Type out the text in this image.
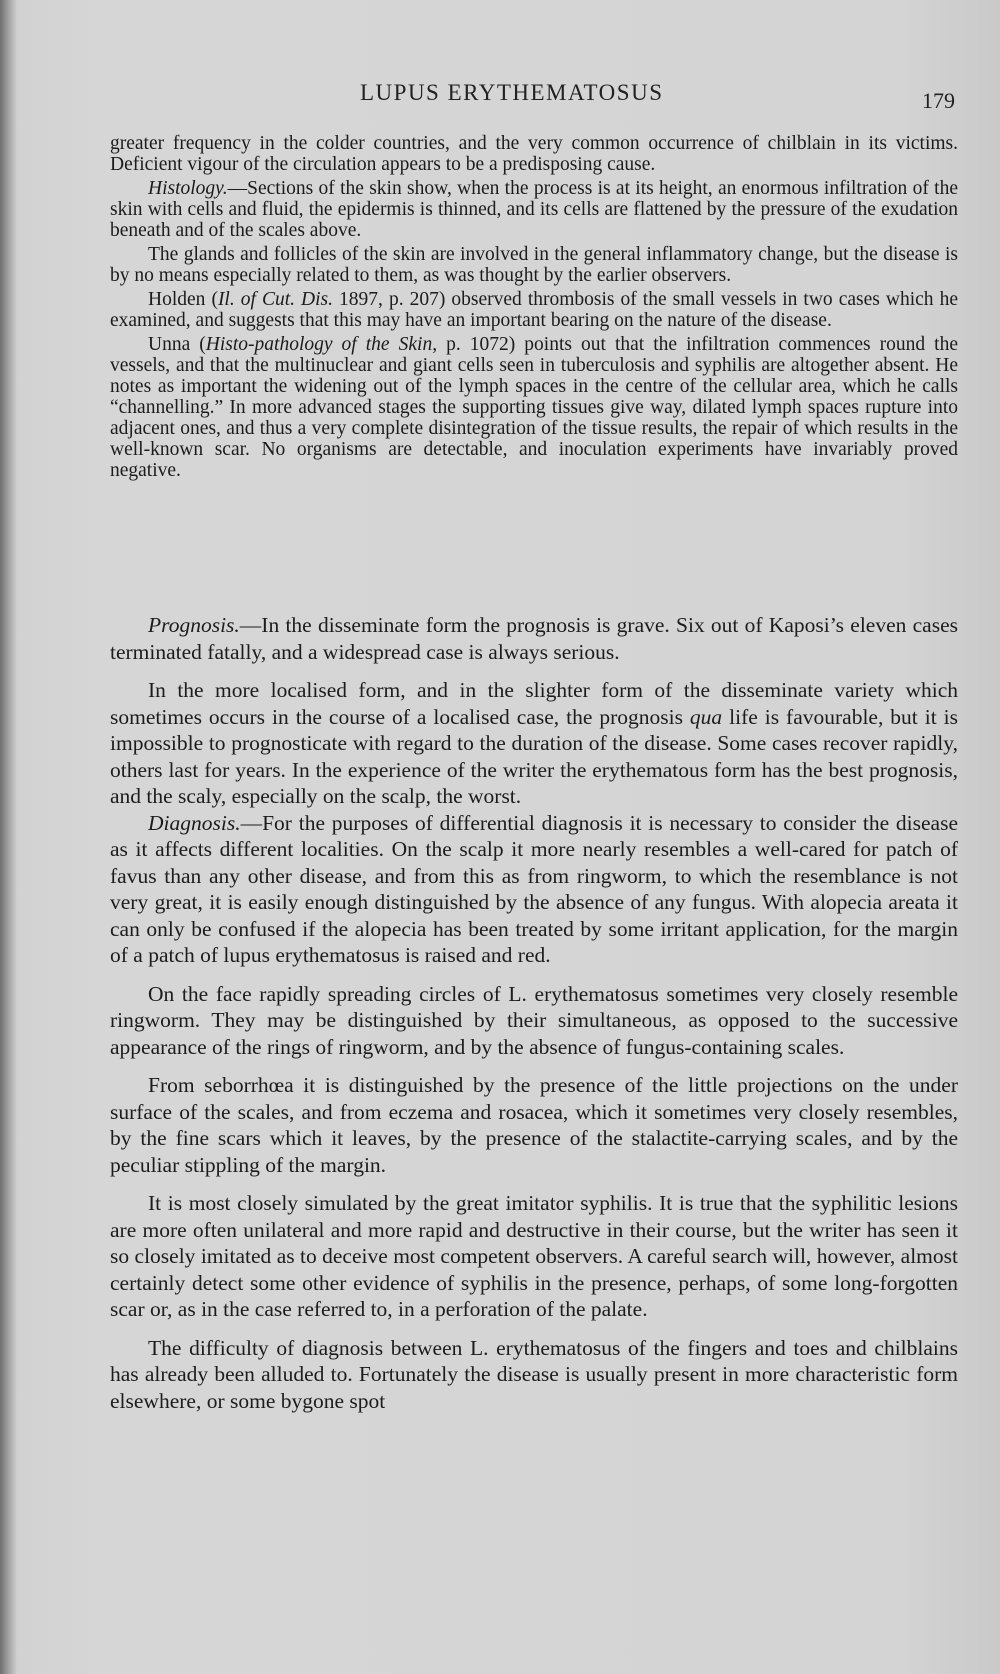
LUPUS ERYTHEMATOSUS	179

greater frequency in the colder countries, and the very common occurrence of chilblain in its victims. Deficient vigour of the circulation appears to be a predisposing cause.

Histology.—Sections of the skin show, when the process is at its height, an enormous infiltration of the skin with cells and fluid, the epidermis is thinned, and its cells are flattened by the pressure of the exudation beneath and of the scales above.

The glands and follicles of the skin are involved in the general inflammatory change, but the disease is by no means especially related to them, as was thought by the earlier observers.

Holden (Il. of Cut. Dis. 1897, p. 207) observed thrombosis of the small vessels in two cases which he examined, and suggests that this may have an important bearing on the nature of the disease.

Unna (Histo-pathology of the Skin, p. 1072) points out that the infiltration commences round the vessels, and that the multinuclear and giant cells seen in tuberculosis and syphilis are altogether absent. He notes as important the widening out of the lymph spaces in the centre of the cellular area, which he calls “channelling.” In more advanced stages the supporting tissues give way, dilated lymph spaces rupture into adjacent ones, and thus a very complete disintegration of the tissue results, the repair of which results in the well-known scar. No organisms are detectable, and inoculation experiments have invariably proved negative.

Prognosis.—In the disseminate form the prognosis is grave. Six out of Kaposi’s eleven cases terminated fatally, and a widespread case is always serious.

In the more localised form, and in the slighter form of the disseminate variety which sometimes occurs in the course of a localised case, the prognosis qua life is favourable, but it is impossible to prognosticate with regard to the duration of the disease. Some cases recover rapidly, others last for years. In the experience of the writer the erythematous form has the best prognosis, and the scaly, especially on the scalp, the worst.

Diagnosis.—For the purposes of differential diagnosis it is necessary to consider the disease as it affects different localities. On the scalp it more nearly resembles a well-cared for patch of favus than any other disease, and from this as from ringworm, to which the resemblance is not very great, it is easily enough distinguished by the absence of any fungus. With alopecia areata it can only be confused if the alopecia has been treated by some irritant application, for the margin of a patch of lupus erythematosus is raised and red.

On the face rapidly spreading circles of L. erythematosus sometimes very closely resemble ringworm. They may be distinguished by their simultaneous, as opposed to the successive appearance of the rings of ringworm, and by the absence of fungus-containing scales.

From seborrhœa it is distinguished by the presence of the little projections on the under surface of the scales, and from eczema and rosacea, which it sometimes very closely resembles, by the fine scars which it leaves, by the presence of the stalactite-carrying scales, and by the peculiar stippling of the margin.

It is most closely simulated by the great imitator syphilis. It is true that the syphilitic lesions are more often unilateral and more rapid and destructive in their course, but the writer has seen it so closely imitated as to deceive most competent observers. A careful search will, however, almost certainly detect some other evidence of syphilis in the presence, perhaps, of some long-forgotten scar or, as in the case referred to, in a perforation of the palate.

The difficulty of diagnosis between L. erythematosus of the fingers and toes and chilblains has already been alluded to. Fortunately the disease is usually present in more characteristic form elsewhere, or some bygone spot
